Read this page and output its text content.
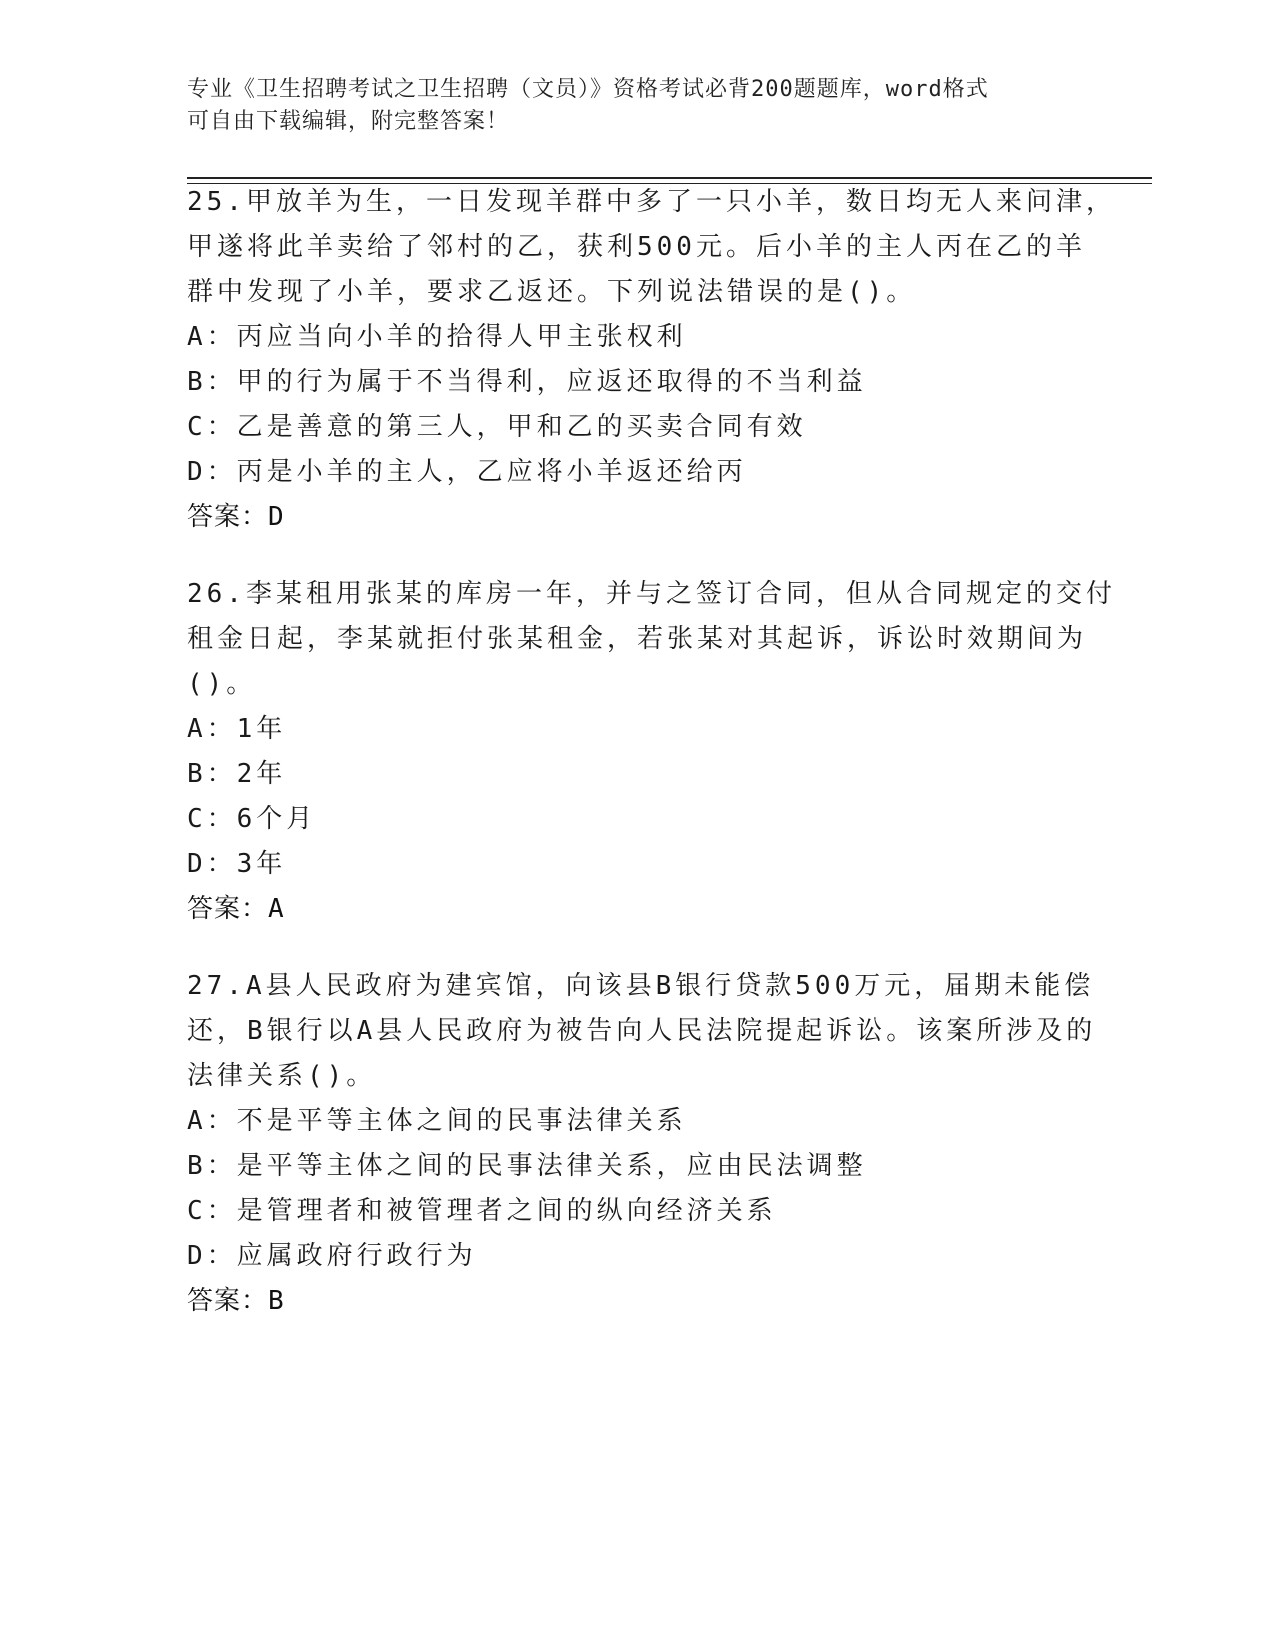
专业《卫生招聘考试之卫生招聘（文员）》资格考试必背200题题库，word格式
可自由下载编辑，附完整答案！
25.甲放羊为生，一日发现羊群中多了一只小羊，数日均无人来问津，
甲遂将此羊卖给了邻村的乙，获利500元。后小羊的主人丙在乙的羊
群中发现了小羊，要求乙返还。下列说法错误的是()。
A：丙应当向小羊的拾得人甲主张权利
B：甲的行为属于不当得利，应返还取得的不当利益
C：乙是善意的第三人，甲和乙的买卖合同有效
D：丙是小羊的主人，乙应将小羊返还给丙
答案：D
26.李某租用张某的库房一年，并与之签订合同，但从合同规定的交付
租金日起，李某就拒付张某租金，若张某对其起诉，诉讼时效期间为
()。
A：1年
B：2年
C：6个月
D：3年
答案：A
27.A县人民政府为建宾馆，向该县B银行贷款500万元，届期未能偿
还，B银行以A县人民政府为被告向人民法院提起诉讼。该案所涉及的
法律关系()。
A：不是平等主体之间的民事法律关系
B：是平等主体之间的民事法律关系，应由民法调整
C：是管理者和被管理者之间的纵向经济关系
D：应属政府行政行为
答案：B
